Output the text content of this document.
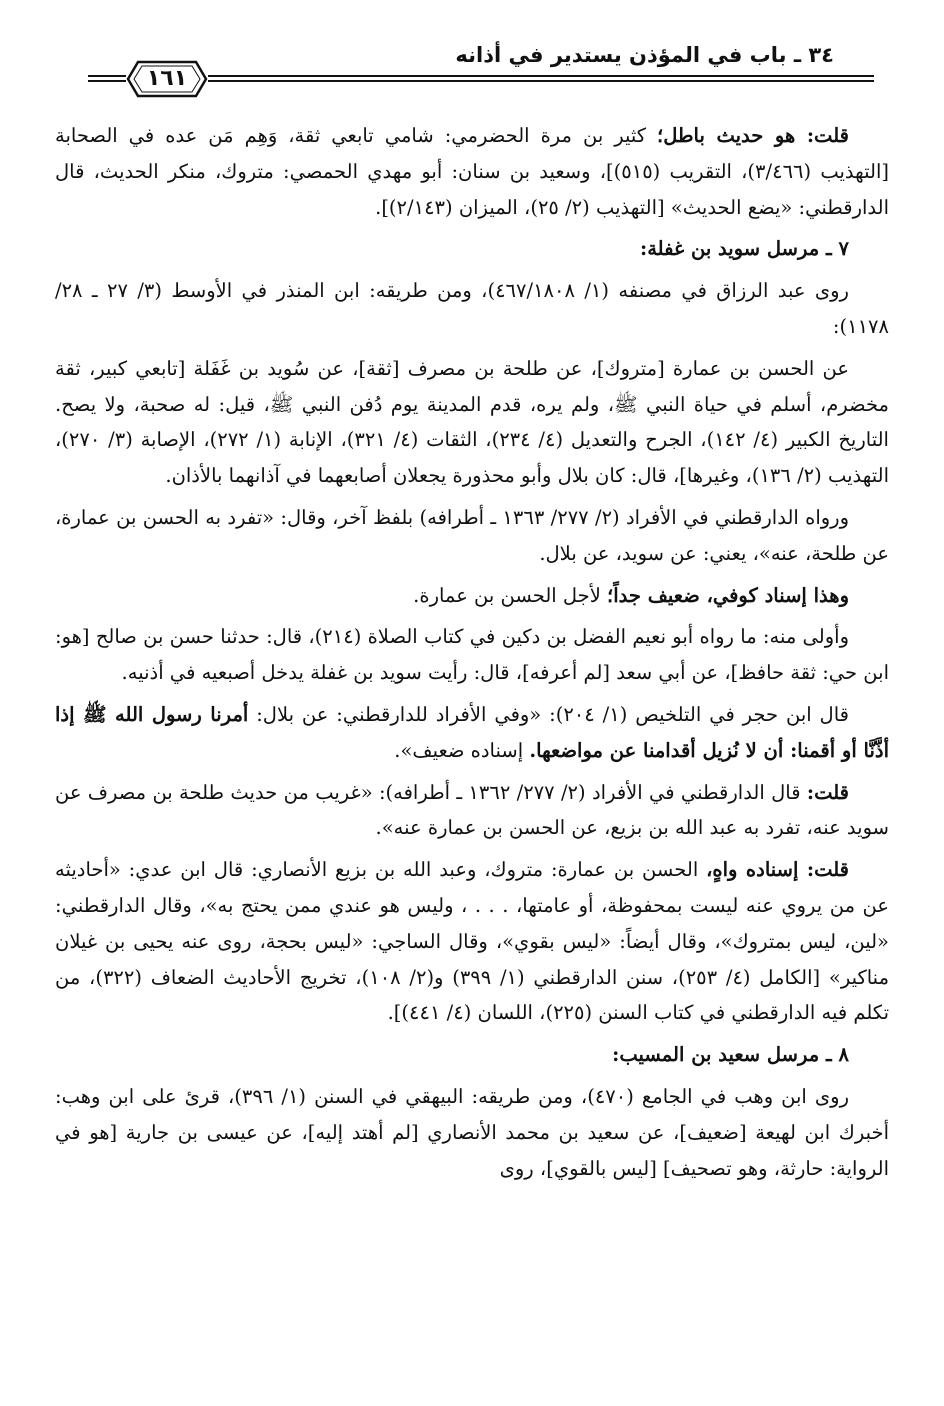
٣٤ ـ باب في المؤذن يستدير في أذانه
١٦١

قلت: هو حديث باطل؛ كثير بن مرة الحضرمي: شامي تابعي ثقة، وَهِم مَن عده في الصحابة [التهذيب (٣/٤٦٦)، التقريب (٥١٥)]، وسعيد بن سنان: أبو مهدي الحمصي: متروك، منكر الحديث، قال الدارقطني: «يضع الحديث» [التهذيب (٢/ ٢٥)، الميزان (٢/١٤٣)].

٧ ـ مرسل سويد بن غفلة:

روى عبد الرزاق في مصنفه (١/ ٤٦٧/١٨٠٨)، ومن طريقه: ابن المنذر في الأوسط (٣/ ٢٧ ـ ٢٨/ ١١٧٨):

عن الحسن بن عمارة [متروك]، عن طلحة بن مصرف [ثقة]، عن سُويد بن غَفَلة [تابعي كبير، ثقة مخضرم، أسلم في حياة النبي ﷺ، ولم يره، قدم المدينة يوم دُفن النبي ﷺ، قيل: له صحبة، ولا يصح. التاريخ الكبير (٤/ ١٤٢)، الجرح والتعديل (٤/ ٢٣٤)، الثقات (٤/ ٣٢١)، الإنابة (١/ ٢٧٢)، الإصابة (٣/ ٢٧٠)، التهذيب (٢/ ١٣٦)، وغيرها]، قال: كان بلال وأبو محذورة يجعلان أصابعهما في آذانهما بالأذان.

ورواه الدارقطني في الأفراد (٢/ ٢٧٧/ ١٣٦٣ ـ أطرافه) بلفظ آخر، وقال: «تفرد به الحسن بن عمارة، عن طلحة، عنه»، يعني: عن سويد، عن بلال.

وهذا إسناد كوفي، ضعيف جداً؛ لأجل الحسن بن عمارة.

وأولى منه: ما رواه أبو نعيم الفضل بن دكين في كتاب الصلاة (٢١٤)، قال: حدثنا حسن بن صالح [هو: ابن حي: ثقة حافظ]، عن أبي سعد [لم أعرفه]، قال: رأيت سويد بن غفلة يدخل أصبعيه في أذنيه.

قال ابن حجر في التلخيص (١/ ٢٠٤): «وفي الأفراد للدارقطني: عن بلال: أمرنا رسول الله ﷺ إذا أذَّنَّا أو أقمنا: أن لا نُزيل أقدامنا عن مواضعها. إسناده ضعيف».

قلت: قال الدارقطني في الأفراد (٢/ ٢٧٧/ ١٣٦٢ ـ أطرافه): «غريب من حديث طلحة بن مصرف عن سويد عنه، تفرد به عبد الله بن بزيع، عن الحسن بن عمارة عنه».

قلت: إسناده واهٍ، الحسن بن عمارة: متروك، وعبد الله بن بزيع الأنصاري: قال ابن عدي: «أحاديثه عن من يروي عنه ليست بمحفوظة، أو عامتها، . . . ، وليس هو عندي ممن يحتج به»، وقال الدارقطني: «لين، ليس بمتروك»، وقال أيضاً: «ليس بقوي»، وقال الساجي: «ليس بحجة، روى عنه يحيى بن غيلان مناكير» [الكامل (٤/ ٢٥٣)، سنن الدارقطني (١/ ٣٩٩) و(٢/ ١٠٨)، تخريج الأحاديث الضعاف (٣٢٢)، من تكلم فيه الدارقطني في كتاب السنن (٢٢٥)، اللسان (٤/ ٤٤١)].

٨ ـ مرسل سعيد بن المسيب:

روى ابن وهب في الجامع (٤٧٠)، ومن طريقه: البيهقي في السنن (١/ ٣٩٦)، قرئ على ابن وهب: أخبرك ابن لهيعة [ضعيف]، عن سعيد بن محمد الأنصاري [لم أهتد إليه]، عن عيسى بن جارية [هو في الرواية: حارثة، وهو تصحيف] [ليس بالقوي]، روى
